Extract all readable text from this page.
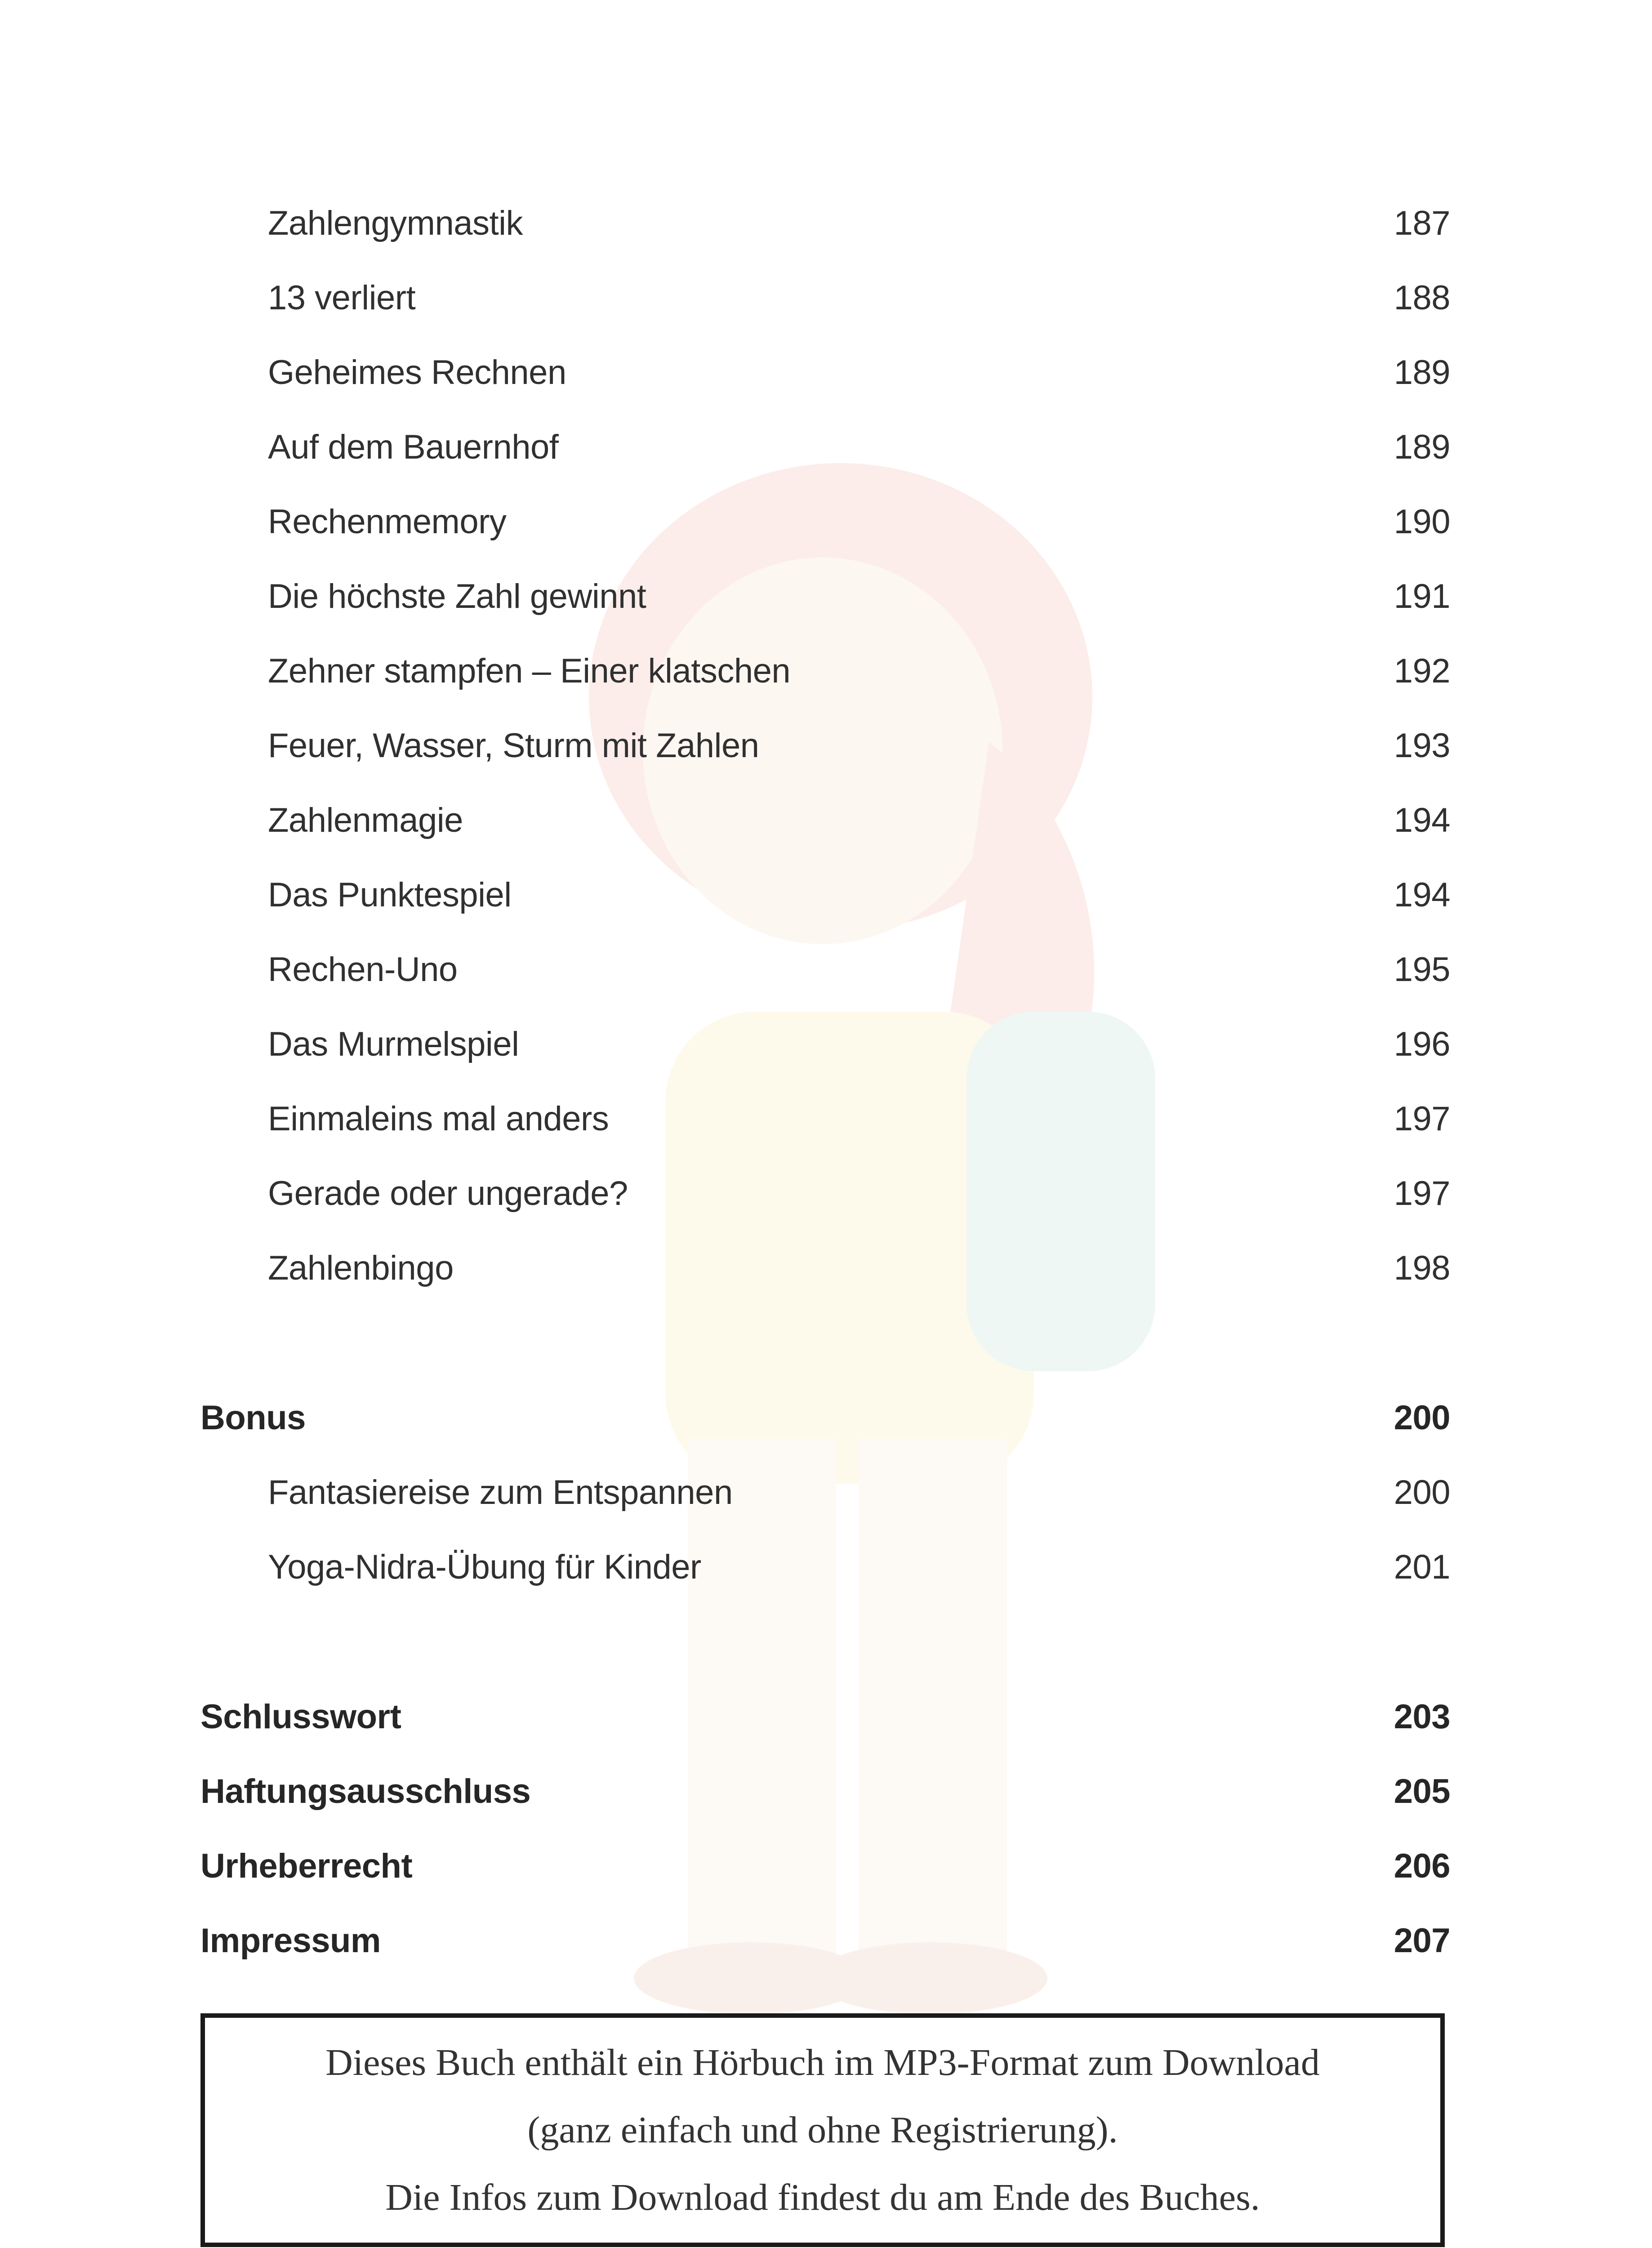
Zahlengymnastik	187
13 verliert	188
Geheimes Rechnen	189
Auf dem Bauernhof	189
Rechenmemory	190
Die höchste Zahl gewinnt	191
Zehner stampfen – Einer klatschen	192
Feuer, Wasser, Sturm mit Zahlen	193
Zahlenmagie	194
Das Punktespiel	194
Rechen-Uno	195
Das Murmelspiel	196
Einmaleins mal anders	197
Gerade oder ungerade?	197
Zahlenbingo	198
Bonus	200
Fantasiereise zum Entspannen	200
Yoga-Nidra-Übung für Kinder	201
Schlusswort	203
Haftungsausschluss	205
Urheberrecht	206
Impressum	207
Dieses Buch enthält ein Hörbuch im MP3-Format zum Download
(ganz einfach und ohne Registrierung).
Die Infos zum Download findest du am Ende des Buches.
